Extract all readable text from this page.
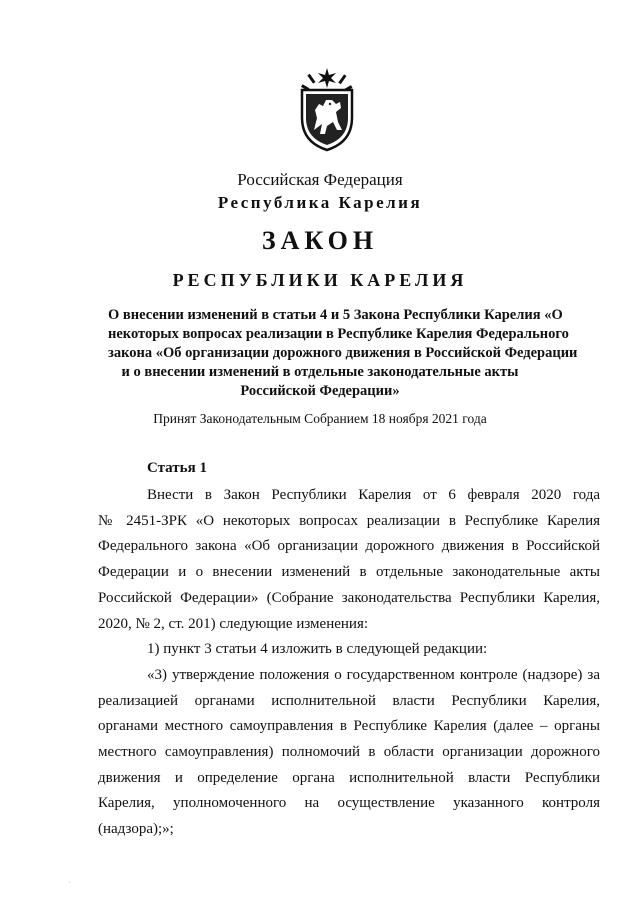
Российская Федерация
Республика Карелия
ЗАКОН
РЕСПУБЛИКИ КАРЕЛИЯ
О внесении изменений в статьи 4 и 5 Закона Республики Карелия «О
некоторых вопросах реализации в Республике Карелия Федерального
закона «Об организации дорожного движения в Российской Федерации
и о внесении изменений в отдельные законодательные акты
Российской Федерации»
Принят Законодательным Собранием 18 ноября 2021 года
Статья 1
Внести в Закон Республики Карелия от 6 февраля 2020 года
№ 2451-ЗРК «О некоторых вопросах реализации в Республике Карелия
Федерального закона «Об организации дорожного движения в Российской
Федерации и о внесении изменений в отдельные законодательные акты
Российской Федерации» (Собрание законодательства Республики Карелия,
2020, № 2, ст. 201) следующие изменения:
1) пункт 3 статьи 4 изложить в следующей редакции:
«3) утверждение положения о государственном контроле (надзоре) за
реализацией органами исполнительной власти Республики Карелия,
органами местного самоуправления в Республике Карелия (далее – органы
местного самоуправления) полномочий в области организации дорожного
движения и определение органа исполнительной власти Республики
Карелия, уполномоченного на осуществление указанного контроля
(надзора);»;
·
